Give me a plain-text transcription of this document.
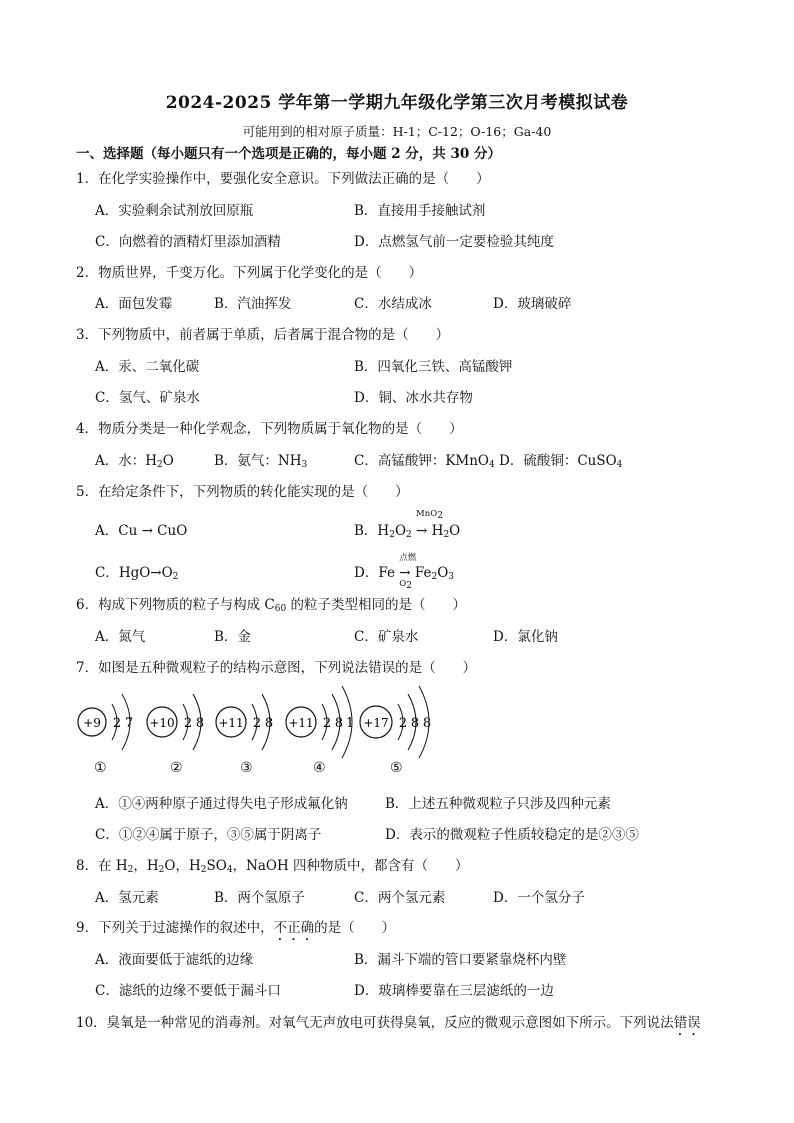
2024-2025 学年第一学期九年级化学第三次月考模拟试卷
可能用到的相对原子质量：H-1；C-12；O-16；Ga-40
一、选择题（每小题只有一个选项是正确的，每小题 2 分，共 30 分）
1．在化学实验操作中，要强化安全意识。下列做法正确的是（　　）
A．实验剩余试剂放回原瓶	B．直接用手接触试剂
C．向燃着的酒精灯里添加酒精	D．点燃氢气前一定要检验其纯度
2．物质世界，千变万化。下列属于化学变化的是（　　）
A．面包发霉	B．汽油挥发	C．水结成冰	D．玻璃破碎
3．下列物质中，前者属于单质，后者属于混合物的是（　　）
A．汞、二氧化碳	B．四氧化三铁、高锰酸钾
C．氢气、矿泉水	D．铜、冰水共存物
4．物质分类是一种化学观念，下列物质属于氧化物的是（　　）
A．水：$H_2O$	B．氨气：$NH_3$	C．高锰酸钾：KMnO$_4$ D．硫酸铜：CuSO$_4$
5．在给定条件下，下列物质的转化能实现的是（　　）
A．Cu → CuO	B．$H_2O_2$
MnO$_2$
→ $H_2O$
C．$HgO\to O_2$	D．Fe
点燃
→
$O_2$
$Fe_2O_3$
6．构成下列物质的粒子与构成 $C_{60}$ 的粒子类型相同的是（　　）
A．氮气	B．金	C．矿泉水	D．氯化钠
7．如图是五种微观粒子的结构示意图，下列说法错误的是（　　）
+9 2 7 +10 2 8 +11 2 8 +11 2 8 1 +17 2 8 8
①	②	③	④	⑤
A．①④两种原子通过得失电子形成氟化钠	B．上述五种微观粒子只涉及四种元素
C．①②④属于原子，③⑤属于阴离子	D．表示的微观粒子性质较稳定的是②③⑤
8．在 $H_2$，$H_2O$，$H_2SO_4$，NaOH 四种物质中，都含有（　　）
A．氢元素	B．两个氢原子	C．两个氢元素	D．一个氢分子
9．下列关于过滤操作的叙述中，不正确的是（　　）
A．液面要低于滤纸的边缘	B．漏斗下端的管口要紧靠烧杯内壁
C．滤纸的边缘不要低于漏斗口	D．玻璃棒要靠在三层滤纸的一边
10．臭氧是一种常见的消毒剂。对氧气无声放电可获得臭氧，反应的微观示意图如下所示。下列说法错误
